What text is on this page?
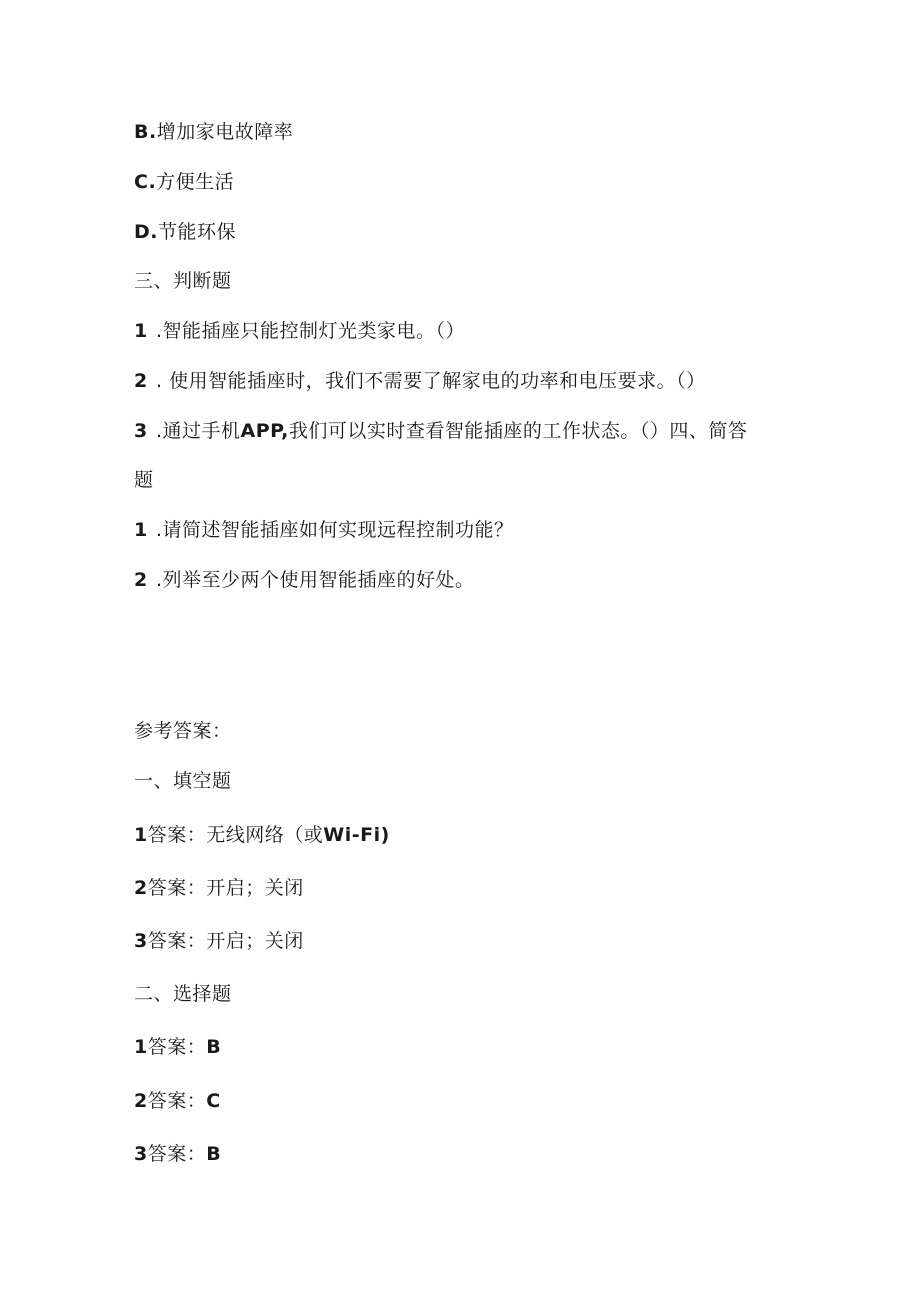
B.增加家电故障率
C.方便生活
D.节能环保
三、判断题
1 .智能插座只能控制灯光类家电。（）
2 . 使用智能插座时，我们不需要了解家电的功率和电压要求。（）
3 .通过手机APP,我们可以实时查看智能插座的工作状态。（）四、简答
题
1 .请简述智能插座如何实现远程控制功能？
2 .列举至少两个使用智能插座的好处。
参考答案：
一、填空题
1答案：无线网络（或Wi-Fi)
2答案：开启；关闭
3答案：开启；关闭
二、选择题
1答案：B
2答案：C
3答案：B
